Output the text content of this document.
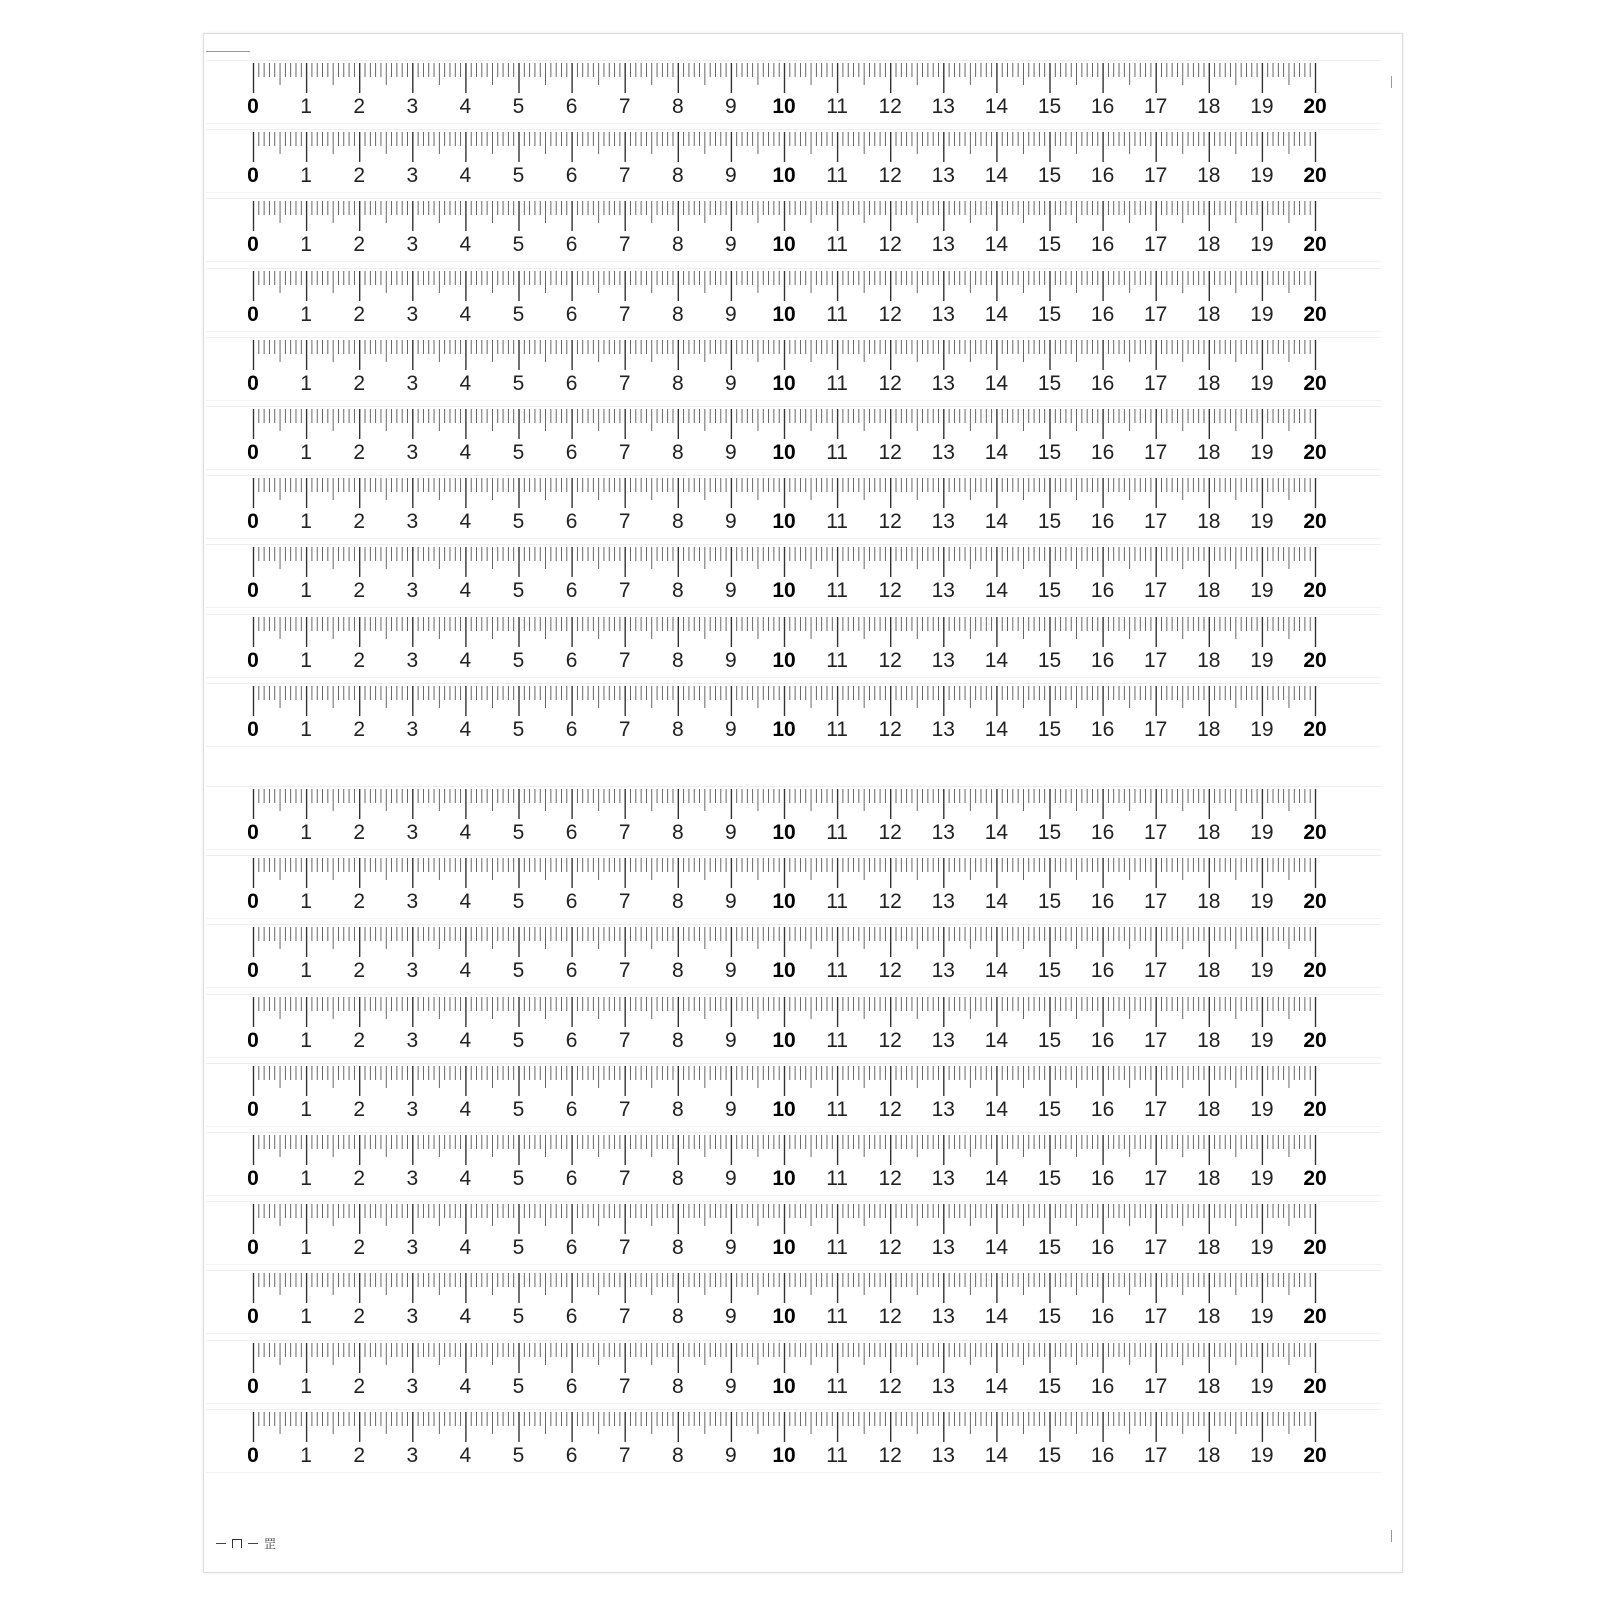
0 1 2 3 4 5 6 7 8 9 10 11 12 13 14 15 16 17 18 19 20
0 1 2 3 4 5 6 7 8 9 10 11 12 13 14 15 16 17 18 19 20
0 1 2 3 4 5 6 7 8 9 10 11 12 13 14 15 16 17 18 19 20
0 1 2 3 4 5 6 7 8 9 10 11 12 13 14 15 16 17 18 19 20
0 1 2 3 4 5 6 7 8 9 10 11 12 13 14 15 16 17 18 19 20
0 1 2 3 4 5 6 7 8 9 10 11 12 13 14 15 16 17 18 19 20
0 1 2 3 4 5 6 7 8 9 10 11 12 13 14 15 16 17 18 19 20
0 1 2 3 4 5 6 7 8 9 10 11 12 13 14 15 16 17 18 19 20
0 1 2 3 4 5 6 7 8 9 10 11 12 13 14 15 16 17 18 19 20
0 1 2 3 4 5 6 7 8 9 10 11 12 13 14 15 16 17 18 19 20
0 1 2 3 4 5 6 7 8 9 10 11 12 13 14 15 16 17 18 19 20
0 1 2 3 4 5 6 7 8 9 10 11 12 13 14 15 16 17 18 19 20
0 1 2 3 4 5 6 7 8 9 10 11 12 13 14 15 16 17 18 19 20
0 1 2 3 4 5 6 7 8 9 10 11 12 13 14 15 16 17 18 19 20
0 1 2 3 4 5 6 7 8 9 10 11 12 13 14 15 16 17 18 19 20
0 1 2 3 4 5 6 7 8 9 10 11 12 13 14 15 16 17 18 19 20
0 1 2 3 4 5 6 7 8 9 10 11 12 13 14 15 16 17 18 19 20
0 1 2 3 4 5 6 7 8 9 10 11 12 13 14 15 16 17 18 19 20
0 1 2 3 4 5 6 7 8 9 10 11 12 13 14 15 16 17 18 19 20
0 1 2 3 4 5 6 7 8 9 10 11 12 13 14 15 16 17 18 19 20
罡
